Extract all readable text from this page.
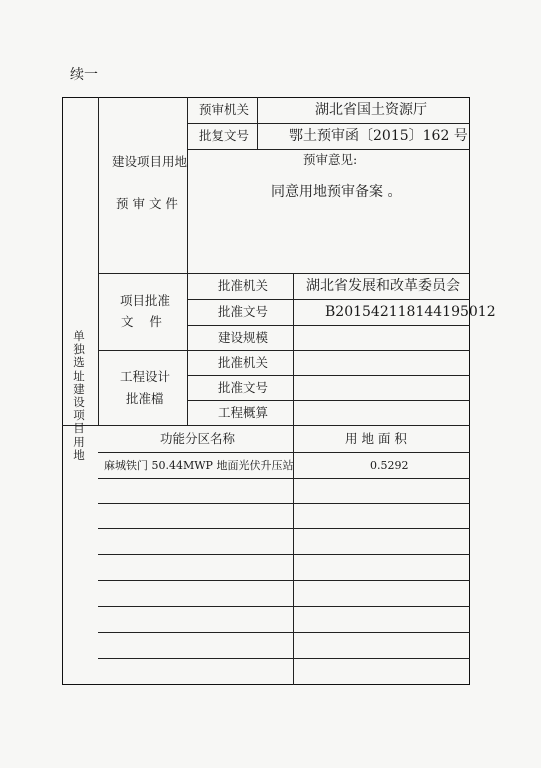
续一
单独选址建设项目用地
建设项目用地
预 审 文 件
预审机关	湖北省国土资源厅
批复文号	鄂土预审函〔2015〕162 号
预审意见:
同意用地预审备案 。
项目批准
文    件
批准机关	湖北省发展和改革委员会
批准文号	B201542118144195012
建设规模
工程设计
批准檔
批准机关
批准文号
工程概算
功能分区名称	用 地 面 积
麻城铁门 50.44MWP 地面光伏升压站	0.5292
